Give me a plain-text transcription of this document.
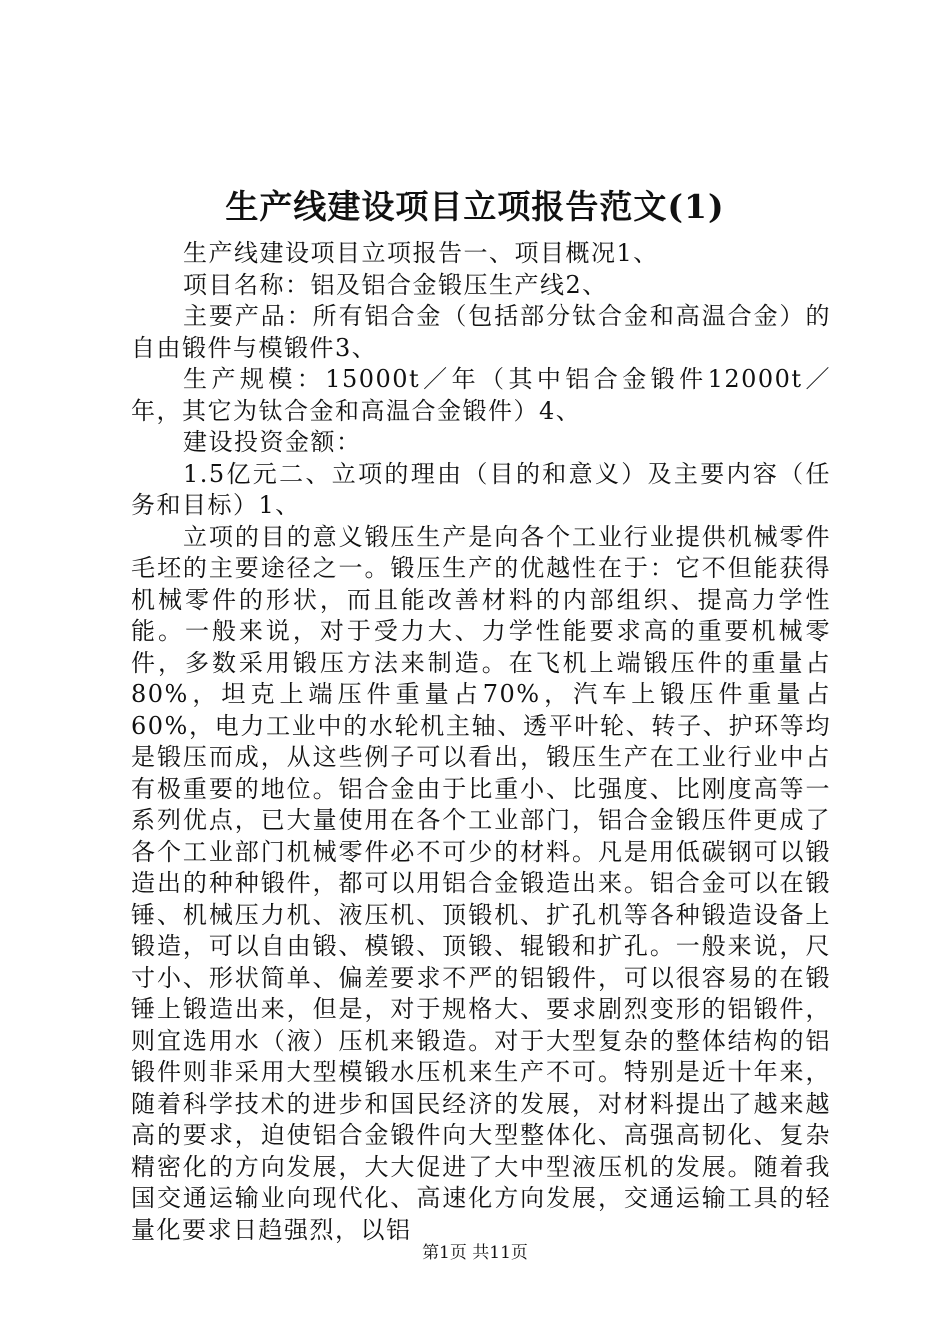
生产线建设项目立项报告范文(1)

生产线建设项目立项报告一、项目概况1、

项目名称：铝及铝合金锻压生产线2、

主要产品：所有铝合金（包括部分钛合金和高温合金）的自由锻件与模锻件3、

生产规模：15000t／年（其中铝合金锻件12000t／年，其它为钛合金和高温合金锻件）4、

建设投资金额：

1.5亿元二、立项的理由（目的和意义）及主要内容（任务和目标）1、

立项的目的意义锻压生产是向各个工业行业提供机械零件毛坯的主要途径之一。锻压生产的优越性在于：它不但能获得机械零件的形状，而且能改善材料的内部组织、提高力学性能。一般来说，对于受力大、力学性能要求高的重要机械零件，多数采用锻压方法来制造。在飞机上端锻压件的重量占80%，坦克上端压件重量占70%，汽车上锻压件重量占60%，电力工业中的水轮机主轴、透平叶轮、转子、护环等均是锻压而成，从这些例子可以看出，锻压生产在工业行业中占有极重要的地位。铝合金由于比重小、比强度、比刚度高等一系列优点，已大量使用在各个工业部门，铝合金锻压件更成了各个工业部门机械零件必不可少的材料。凡是用低碳钢可以锻造出的种种锻件，都可以用铝合金锻造出来。铝合金可以在锻锤、机械压力机、液压机、顶锻机、扩孔机等各种锻造设备上锻造，可以自由锻、模锻、顶锻、辊锻和扩孔。一般来说，尺寸小、形状简单、偏差要求不严的铝锻件，可以很容易的在锻锤上锻造出来，但是，对于规格大、要求剧烈变形的铝锻件，则宜选用水（液）压机来锻造。对于大型复杂的整体结构的铝锻件则非采用大型模锻水压机来生产不可。特别是近十年来，随着科学技术的进步和国民经济的发展，对材料提出了越来越高的要求，迫使铝合金锻件向大型整体化、高强高韧化、复杂精密化的方向发展，大大促进了大中型液压机的发展。随着我国交通运输业向现代化、高速化方向发展，交通运输工具的轻量化要求日趋强烈，以铝

第1页 共11页
